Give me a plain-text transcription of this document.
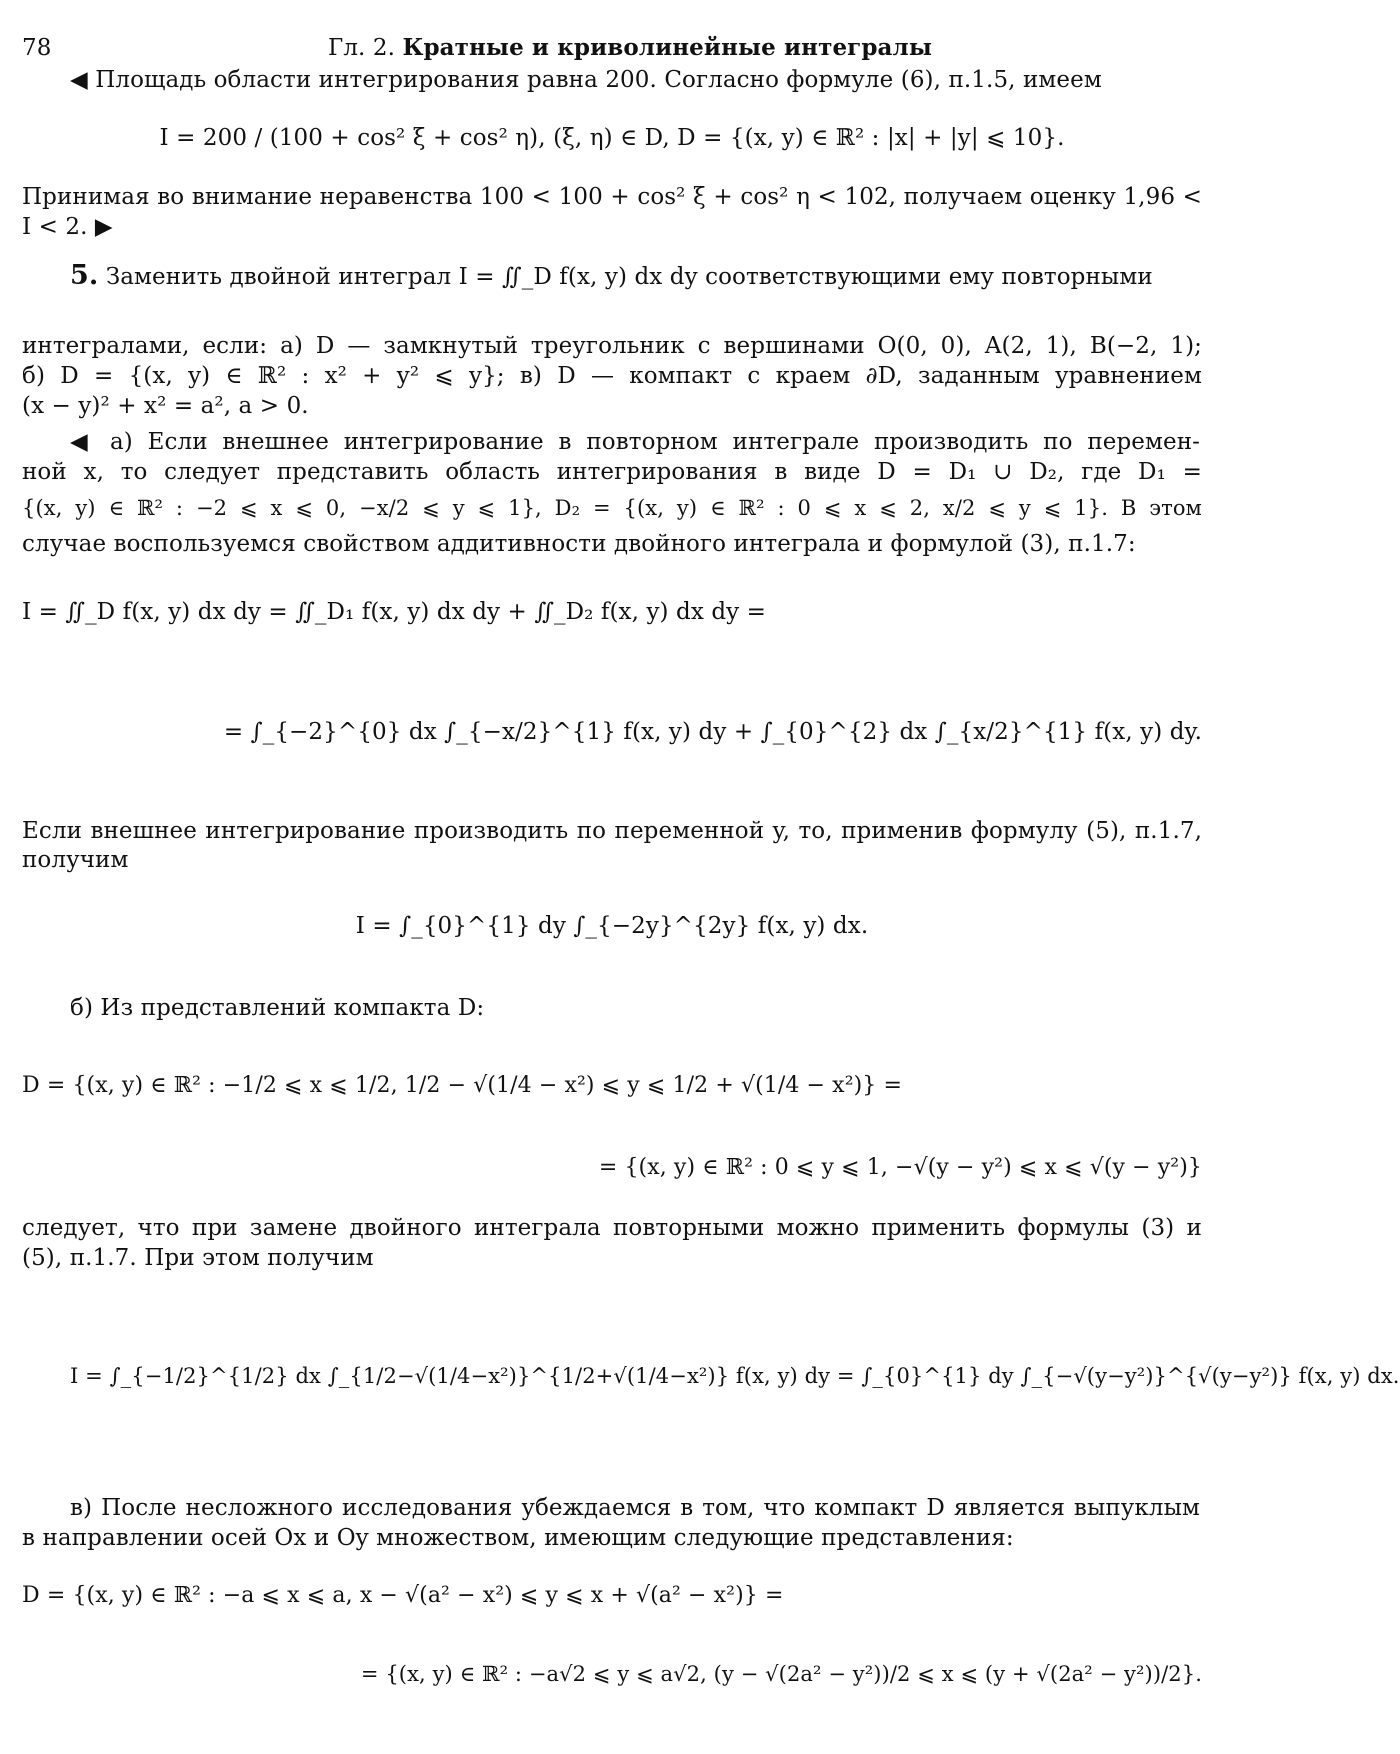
78	Гл. 2. Кратные и криволинейные интегралы
◀ Площадь области интегрирования равна 200. Согласно формуле (6), п.1.5, имеем
I = 200 / (100 + cos² ξ + cos² η), (ξ, η) ∈ D, D = {(x, y) ∈ ℝ² : |x| + |y| ⩽ 10}.
Принимая во внимание неравенства 100 < 100 + cos² ξ + cos² η < 102, получаем оценку 1,96 <
I < 2. ▶
5. Заменить двойной интеграл I = ∬_D f(x, y) dx dy соответствующими ему повторными
интегралами, если: а) D — замкнутый треугольник с вершинами O(0, 0), A(2, 1), B(−2, 1);
б) D = {(x, y) ∈ ℝ² : x² + y² ⩽ y}; в) D — компакт с краем ∂D, заданным уравнением
(x − y)² + x² = a², a > 0.
◀ а) Если внешнее интегрирование в повторном интеграле производить по перемен-
ной x, то следует представить область интегрирования в виде D = D₁ ∪ D₂, где D₁ =
{(x, y) ∈ ℝ² : −2 ⩽ x ⩽ 0, −x/2 ⩽ y ⩽ 1}, D₂ = {(x, y) ∈ ℝ² : 0 ⩽ x ⩽ 2, x/2 ⩽ y ⩽ 1}. В этом
случае воспользуемся свойством аддитивности двойного интеграла и формулой (3), п.1.7:
I = ∬_D f(x, y) dx dy = ∬_D₁ f(x, y) dx dy + ∬_D₂ f(x, y) dx dy =
= ∫_{−2}^{0} dx ∫_{−x/2}^{1} f(x, y) dy + ∫_{0}^{2} dx ∫_{x/2}^{1} f(x, y) dy.
Если внешнее интегрирование производить по переменной y, то, применив формулу (5), п.1.7,
получим
I = ∫_{0}^{1} dy ∫_{−2y}^{2y} f(x, y) dx.
б) Из представлений компакта D:
D = {(x, y) ∈ ℝ² : −1/2 ⩽ x ⩽ 1/2, 1/2 − √(1/4 − x²) ⩽ y ⩽ 1/2 + √(1/4 − x²)} =
= {(x, y) ∈ ℝ² : 0 ⩽ y ⩽ 1, −√(y − y²) ⩽ x ⩽ √(y − y²)}
следует, что при замене двойного интеграла повторными можно применить формулы (3) и
(5), п.1.7. При этом получим
I = ∫_{−1/2}^{1/2} dx ∫_{1/2−√(1/4−x²)}^{1/2+√(1/4−x²)} f(x, y) dy = ∫_{0}^{1} dy ∫_{−√(y−y²)}^{√(y−y²)} f(x, y) dx.
в) После несложного исследования убеждаемся в том, что компакт D является выпуклым
в направлении осей Ox и Oy множеством, имеющим следующие представления:
D = {(x, y) ∈ ℝ² : −a ⩽ x ⩽ a, x − √(a² − x²) ⩽ y ⩽ x + √(a² − x²)} =
= {(x, y) ∈ ℝ² : −a√2 ⩽ y ⩽ a√2, (y − √(2a² − y²))/2 ⩽ x ⩽ (y + √(2a² − y²))/2}.
